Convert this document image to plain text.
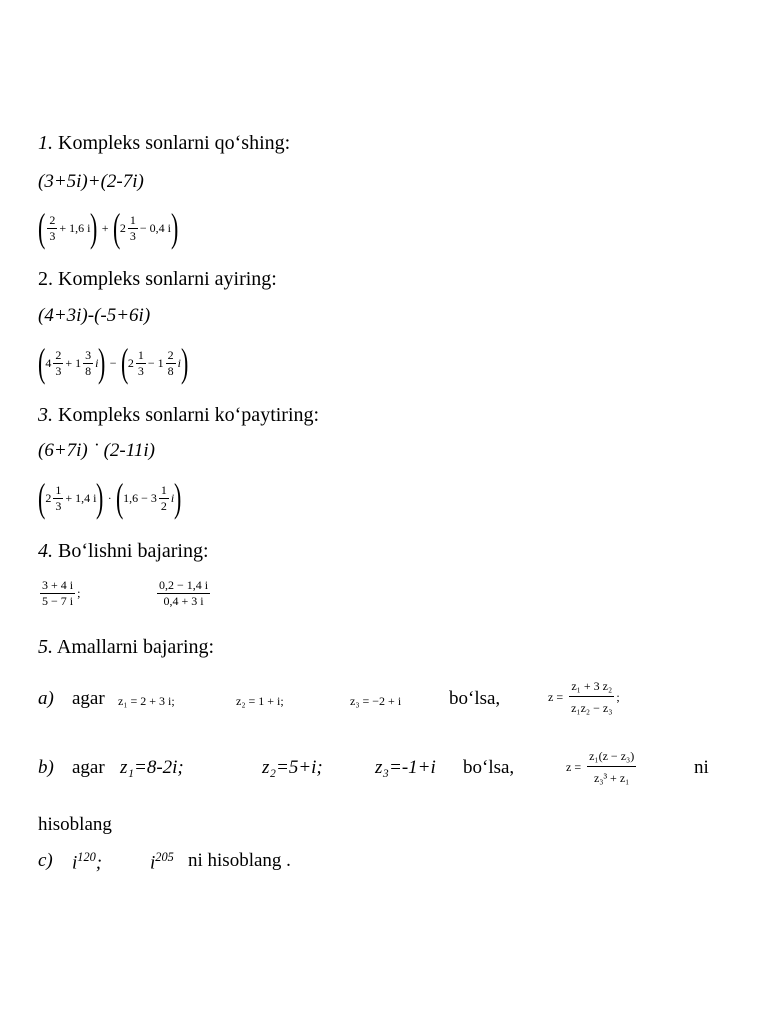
1. Kompleks sonlarni qo‘shing:
(3+5i)+(2-7i)
( $\frac{2}{3} + 1,6$ i ) + ( $2 \frac{1}{3} - 0,4$ i )
2. Kompleks sonlarni ayiring:
(4+3i)-(-5+6i)
( $4 \frac{2}{3} + 1 \frac{3}{8}$ i ) − ( $2 \frac{1}{3} - 1 \frac{2}{8}$ i )
3. Kompleks sonlarni ko‘paytiring:
(6+7i) ˙ (2-11i)
( $2 \frac{1}{3} + 1,4$ i ) · ( $1,6 - 3 \frac{1}{2}$ i )
4. Bo‘lishni bajaring:
$\frac{3 + 4 i}{5 - 7 i}$ ;	$\frac{0,2 - 1,4 i}{0,4 + 3 i}$
5. Amallarni bajaring:
a) agar z₁ = 2 + 3 i;	z₂ = 1 + i;	z₃ = −2 + i	bo‘lsa,	$z = \frac{\text{z₁ + 3 z₂}}{\text{z₁z₂ − z₃}}$ ;
b) agar z₁=8-2i;	z₂=5+i;	z₃=-1+i bo‘lsa,	$z = \frac{\text{z₁(z − z₃)}}{\text{z₃³ + z₁}}$	ni
hisoblang
c) $i^{120}$;	$i^{205}$ ni hisoblang .
